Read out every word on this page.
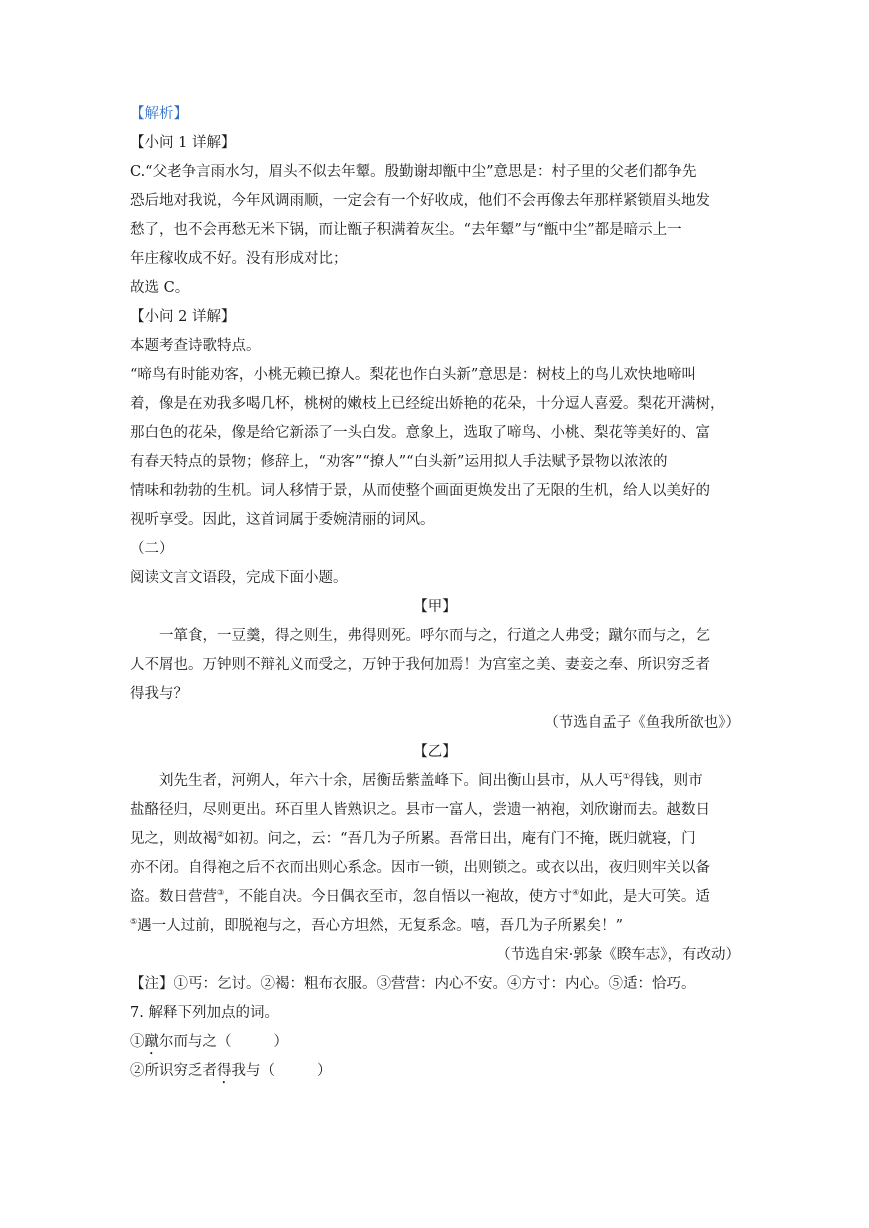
【解析】
【小问 1 详解】
C.“父老争言雨水匀，眉头不似去年颦。殷勤谢却甑中尘”意思是：村子里的父老们都争先
恐后地对我说，今年风调雨顺，一定会有一个好收成，他们不会再像去年那样紧锁眉头地发
愁了，也不会再愁无米下锅，而让甑子积满着灰尘。“去年颦”与“甑中尘”都是暗示上一
年庄稼收成不好。没有形成对比；
故选 C。
【小问 2 详解】
本题考查诗歌特点。
“啼鸟有时能劝客，小桃无赖已撩人。梨花也作白头新”意思是：树枝上的鸟儿欢快地啼叫
着，像是在劝我多喝几杯，桃树的嫩枝上已经绽出娇艳的花朵，十分逗人喜爱。梨花开满树，
那白色的花朵，像是给它新添了一头白发。意象上，选取了啼鸟、小桃、梨花等美好的、富
有春天特点的景物；修辞上，“劝客”“撩人”“白头新”运用拟人手法赋予景物以浓浓的
情味和勃勃的生机。词人移情于景，从而使整个画面更焕发出了无限的生机，给人以美好的
视听享受。因此，这首词属于委婉清丽的词风。
（二）
阅读文言文语段，完成下面小题。
【甲】
一箪食，一豆羹，得之则生，弗得则死。呼尔而与之，行道之人弗受；蹴尔而与之，乞
人不屑也。万钟则不辩礼义而受之，万钟于我何加焉！为宫室之美、妻妾之奉、所识穷乏者
得我与？
（节选自孟子《鱼我所欲也》）
【乙】
刘先生者，河朔人，年六十余，居衡岳紫盖峰下。间出衡山县市，从人丐①得钱，则市
盐酪径归，尽则更出。环百里人皆熟识之。县市一富人，尝遗一衲袍，刘欣谢而去。越数日
见之，则故褐②如初。问之，云：“吾几为子所累。吾常日出，庵有门不掩，既归就寝，门
亦不闭。自得袍之后不衣而出则心系念。因市一锁，出则锁之。或衣以出，夜归则牢关以备
盗。数日营营③，不能自决。今日偶衣至市，忽自悟以一袍故，使方寸④如此，是大可笑。适
⑤遇一人过前，即脱袍与之，吾心方坦然，无复系念。嘻，吾几为子所累矣！”
（节选自宋·郭彖《睽车志》，有改动）
【注】①丐：乞讨。②褐：粗布衣服。③营营：内心不安。④方寸：内心。⑤适：恰巧。
7. 解释下列加点的词。
①蹴尔而与之（	）
②所识穷乏者得我与（	）
